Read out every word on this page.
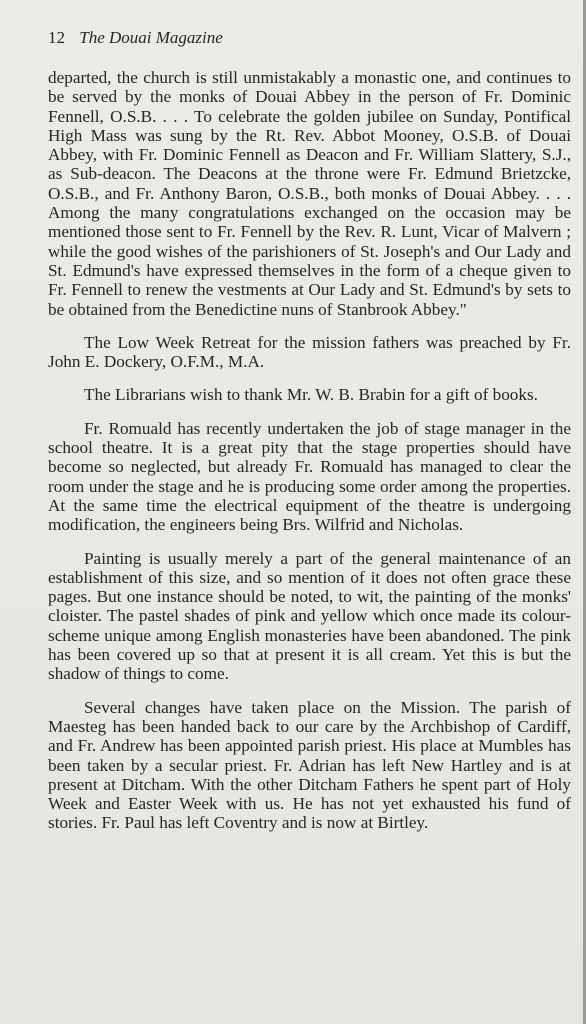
12 The Douai Magazine

departed, the church is still unmistakably a monastic one, and continues to be served by the monks of Douai Abbey in the person of Fr. Dominic Fennell, O.S.B. . . . To celebrate the golden jubilee on Sunday, Pontifical High Mass was sung by the Rt. Rev. Abbot Mooney, O.S.B. of Douai Abbey, with Fr. Dominic Fennell as Deacon and Fr. William Slattery, S.J., as Sub-deacon. The Deacons at the throne were Fr. Edmund Brietzcke, O.S.B., and Fr. Anthony Baron, O.S.B., both monks of Douai Abbey. . . . Among the many congratulations exchanged on the occasion may be mentioned those sent to Fr. Fennell by the Rev. R. Lunt, Vicar of Malvern ; while the good wishes of the parishioners of St. Joseph's and Our Lady and St. Edmund's have expressed themselves in the form of a cheque given to Fr. Fennell to renew the vestments at Our Lady and St. Edmund's by sets to be obtained from the Benedictine nuns of Stanbrook Abbey."

The Low Week Retreat for the mission fathers was preached by Fr. John E. Dockery, O.F.M., M.A.

The Librarians wish to thank Mr. W. B. Brabin for a gift of books.

Fr. Romuald has recently undertaken the job of stage manager in the school theatre. It is a great pity that the stage properties should have become so neglected, but already Fr. Romuald has managed to clear the room under the stage and he is producing some order among the properties. At the same time the electrical equipment of the theatre is undergoing modification, the engineers being Brs. Wilfrid and Nicholas.

Painting is usually merely a part of the general maintenance of an establishment of this size, and so mention of it does not often grace these pages. But one instance should be noted, to wit, the painting of the monks' cloister. The pastel shades of pink and yellow which once made its colour-scheme unique among English monasteries have been abandoned. The pink has been covered up so that at present it is all cream. Yet this is but the shadow of things to come.

Several changes have taken place on the Mission. The parish of Maesteg has been handed back to our care by the Archbishop of Cardiff, and Fr. Andrew has been appointed parish priest. His place at Mumbles has been taken by a secular priest. Fr. Adrian has left New Hartley and is at present at Ditcham. With the other Ditcham Fathers he spent part of Holy Week and Easter Week with us. He has not yet exhausted his fund of stories. Fr. Paul has left Coventry and is now at Birtley.
